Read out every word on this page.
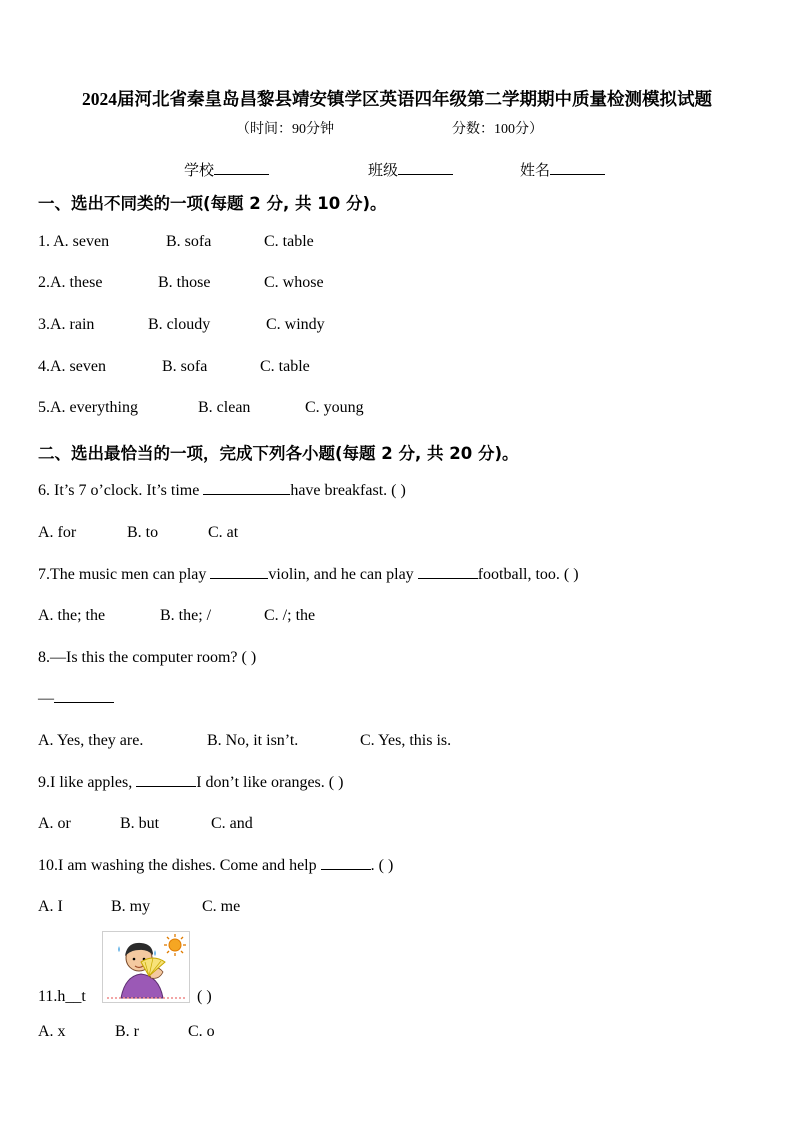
2024届河北省秦皇岛昌黎县靖安镇学区英语四年级第二学期期中质量检测模拟试题
（时间：90分钟	分数：100分）
学校	班级	姓名
一、选出不同类的一项(每题 2 分, 共 10 分)。
1. A. seven	B. sofa	C. table
2.A. these	B. those	C. whose
3.A. rain	B. cloudy	C. windy
4.A. seven	B. sofa	C. table
5.A. everything	B. clean	C. young
二、选出最恰当的一项，完成下列各小题(每题 2 分, 共 20 分)。
6. It’s 7 o’clock. It’s time	have breakfast. ( )
A. for	B. to	C. at
7.The music men can play	violin, and he can play	football, too. ( )
A. the; the	B. the; /	C. /; the
8.—Is this the computer room? ( )
—
A. Yes, they are.	B. No, it isn’t.	C. Yes, this is.
9.I like apples,	I don’t like oranges. ( )
A. or	B. but	C. and
10.I am washing the dishes. Come and help	. ( )
A. I	B. my	C. me
11.h__t	( )
A. x	B. r	C. o
